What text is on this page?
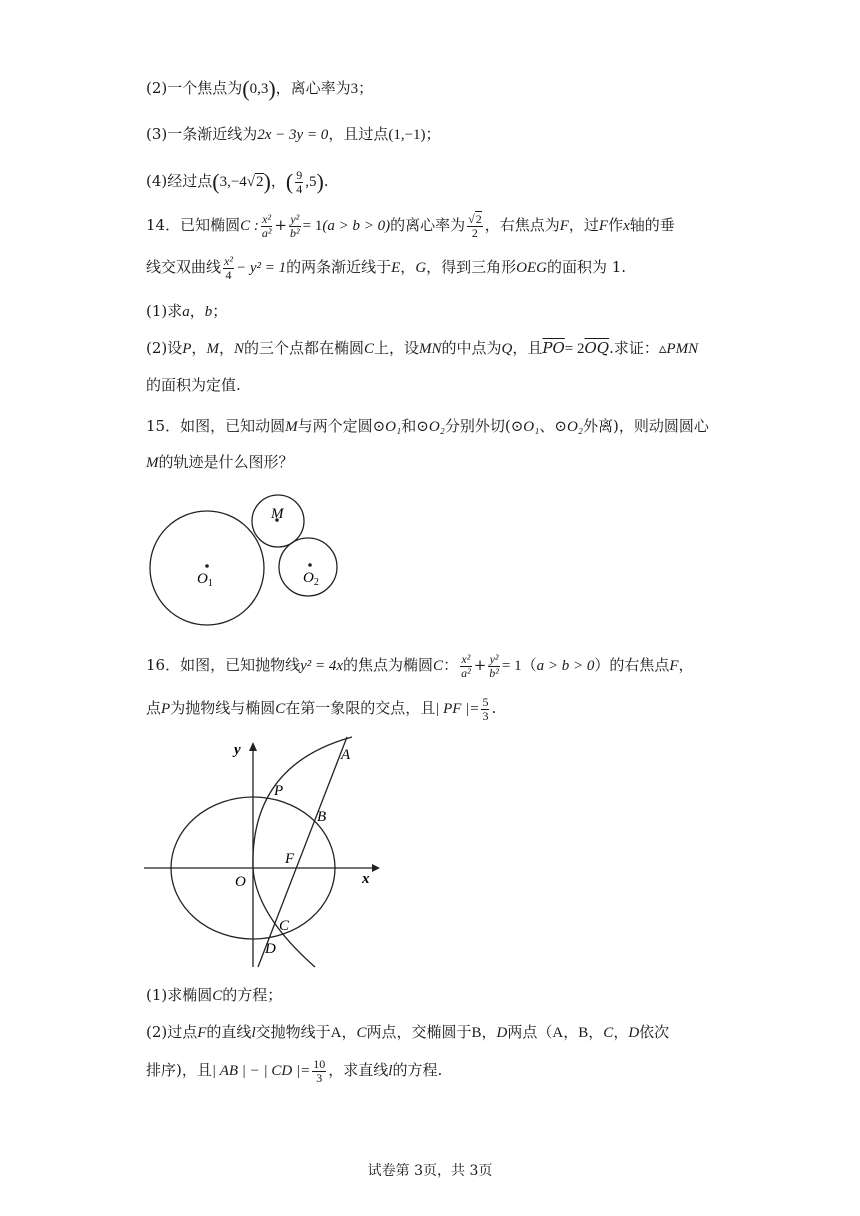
(2)一个焦点为(0,3)，离心率为3；
(3)一条渐近线为2x − 3y = 0，且过点(1,−1)；
(4)经过点(3,−4√2)，( $\frac{9}{4} ,5$).
14．已知椭圆C : $\frac{\text{x²}}{\text{a²}} + \frac{\text{y²}}{\text{b²}} = 1(a > b > 0)$的离心率为 $\frac{√2}{2}$ ，右焦点为F，过F作x轴的垂
线交双曲线 $\frac{\text{x²}}{4} - y^2 = 1$的两条渐近线于E，G，得到三角形OEG的面积为 1.
(1)求a，b；
(2)设P，M，N的三个点都在椭圆C上，设MN的中点为Q，且$\overline{PO}= 2\overline{OQ}$.求证：▵PMN
的面积为定值.
15．如图，已知动圆M与两个定圆⊙O₁和⊙O₂分别外切(⊙O₁、⊙O₂外离)，则动圆圆心
M的轨迹是什么图形？
M
$O_1$	$O_2$
16．如图，已知抛物线y² = 4x的焦点为椭圆C： $\frac{\text{x²}}{\text{a²}} + \frac{\text{y²}}{\text{b²}} = 1(a > b > 0)$的右焦点F，
点P为抛物线与椭圆C在第一象限的交点，且| PF |= $\frac{5}{3}$ .
y
x
O
P
A
B
F
C
D
(1)求椭圆C的方程；
(2)过点F的直线l交抛物线于A，C两点，交椭圆于B，D两点（A，B，C，D依次
排序)，且| AB | − | CD |= $\frac{10}{3}$ ，求直线l的方程.
试卷第 3页，共 3页
